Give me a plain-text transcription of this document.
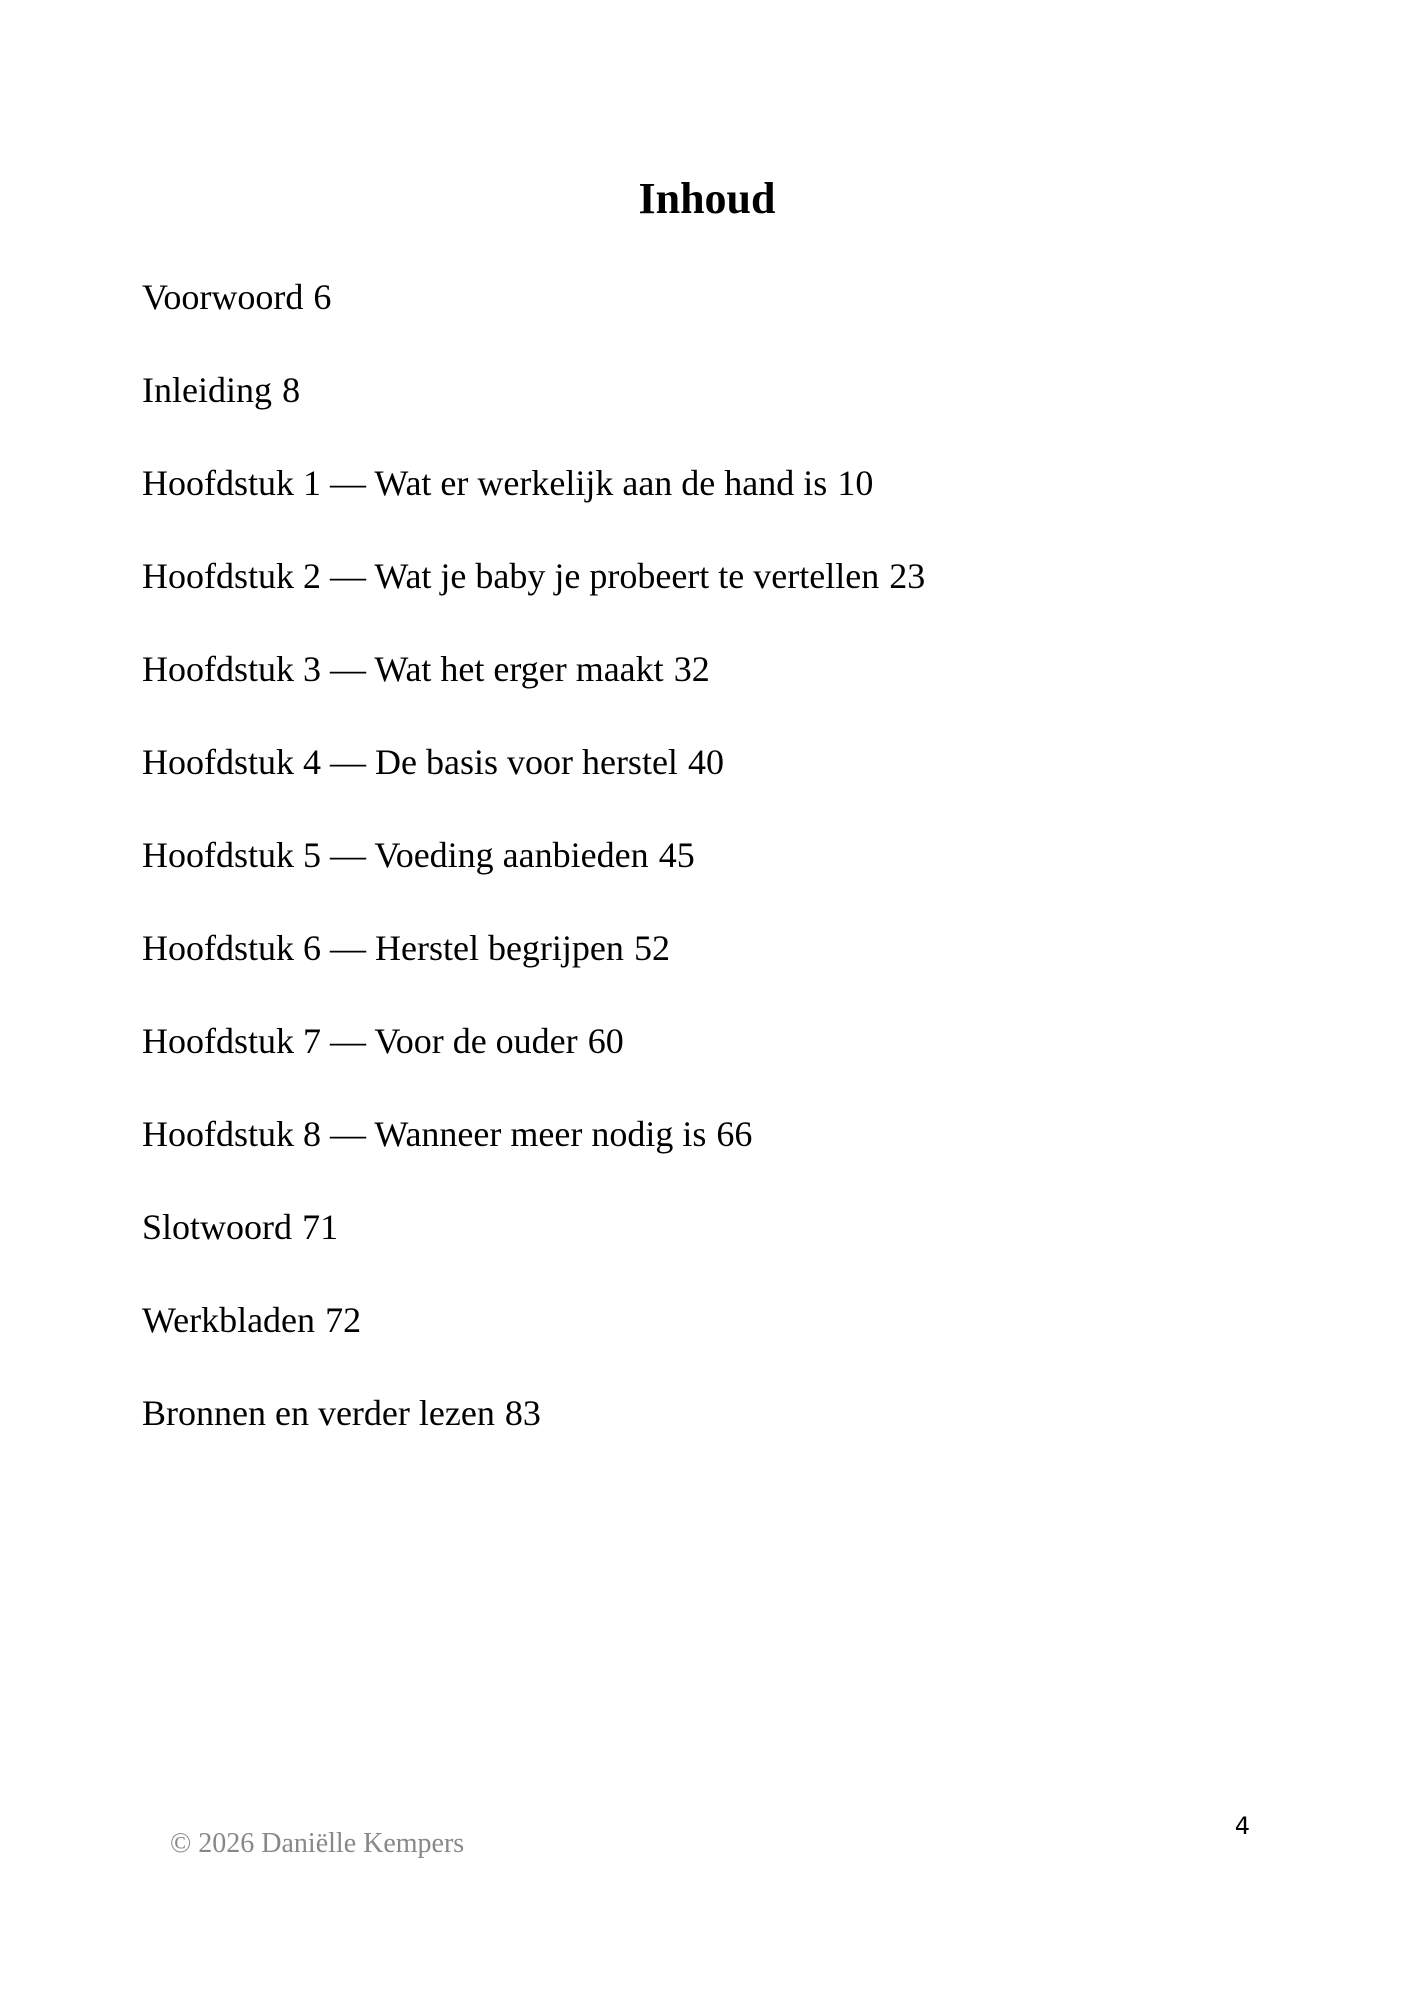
Inhoud
Voorwoord 6
Inleiding 8
Hoofdstuk 1 — Wat er werkelijk aan de hand is 10
Hoofdstuk 2 — Wat je baby je probeert te vertellen 23
Hoofdstuk 3 — Wat het erger maakt 32
Hoofdstuk 4 — De basis voor herstel 40
Hoofdstuk 5 — Voeding aanbieden 45
Hoofdstuk 6 — Herstel begrijpen 52
Hoofdstuk 7 — Voor de ouder 60
Hoofdstuk 8 — Wanneer meer nodig is 66
Slotwoord 71
Werkbladen 72
Bronnen en verder lezen 83
© 2026 Daniëlle Kempers
4
